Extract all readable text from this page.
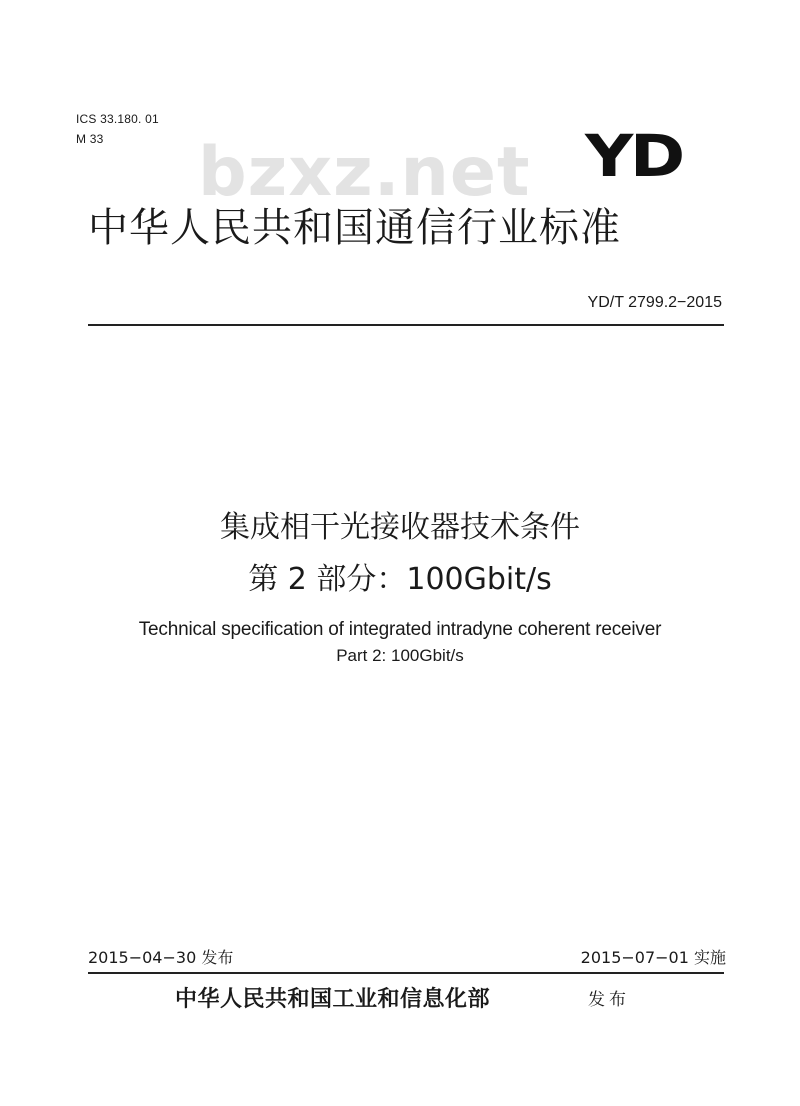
ICS 33.180. 01
M 33 bzxz.net YD
中华人民共和国通信行业标准
YD/T 2799.2−2015
集成相干光接收器技术条件
第 2 部分：100Gbit/s
Technical specification of integrated intradyne coherent receiver
Part 2: 100Gbit/s
2015−04−30 发布	2015−07−01 实施
中华人民共和国工业和信息化部	发布
